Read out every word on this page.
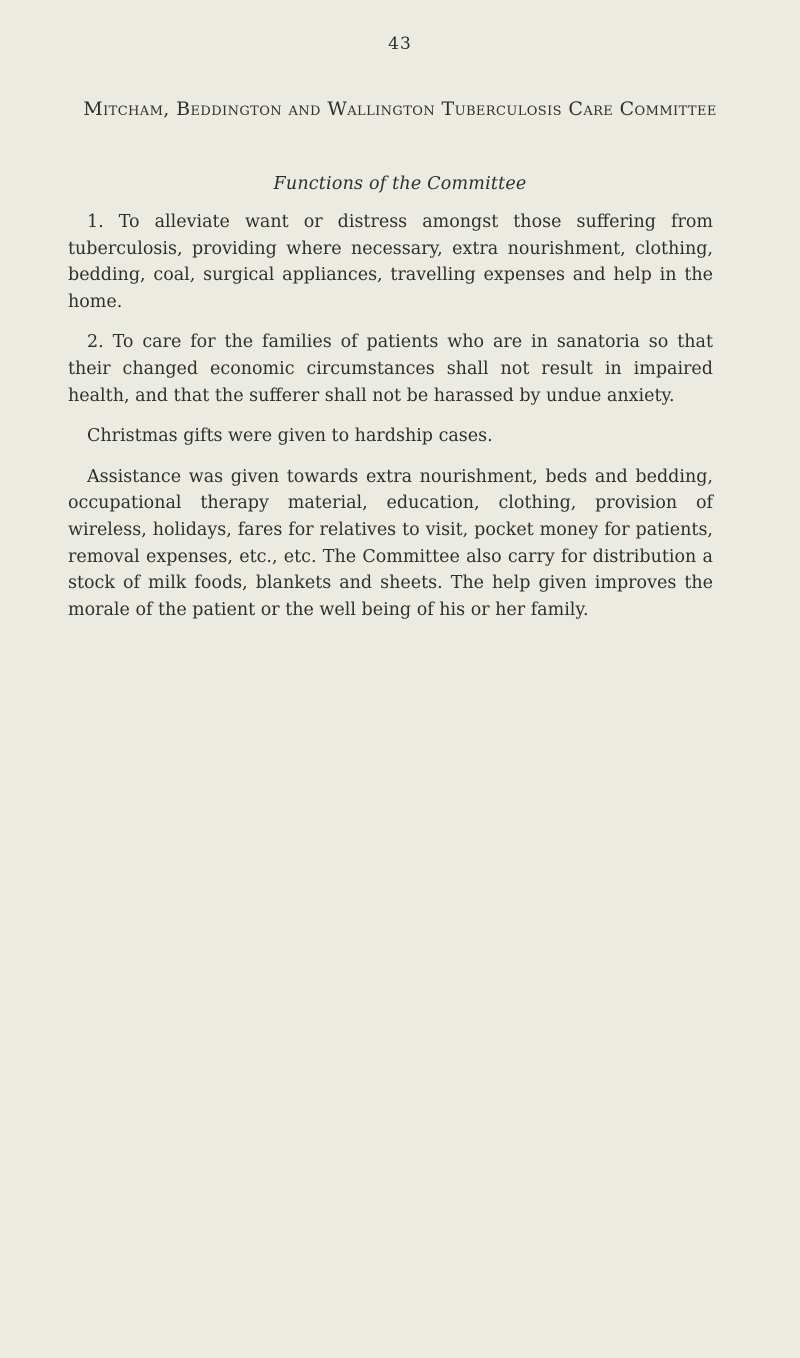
43
Mitcham, Beddington and Wallington Tuberculosis Care Committee
Functions of the Committee

1. To alleviate want or distress amongst those suffering from tuberculosis, providing where necessary, extra nourishment, clothing, bedding, coal, surgical appliances, travelling expenses and help in the home.

2. To care for the families of patients who are in sanatoria so that their changed economic circumstances shall not result in impaired health, and that the sufferer shall not be harassed by undue anxiety.

Christmas gifts were given to hardship cases.

Assistance was given towards extra nourishment, beds and bedding, occupational therapy material, education, clothing, provision of wireless, holidays, fares for relatives to visit, pocket money for patients, removal expenses, etc., etc. The Committee also carry for distribution a stock of milk foods, blankets and sheets. The help given improves the morale of the patient or the well being of his or her family.
